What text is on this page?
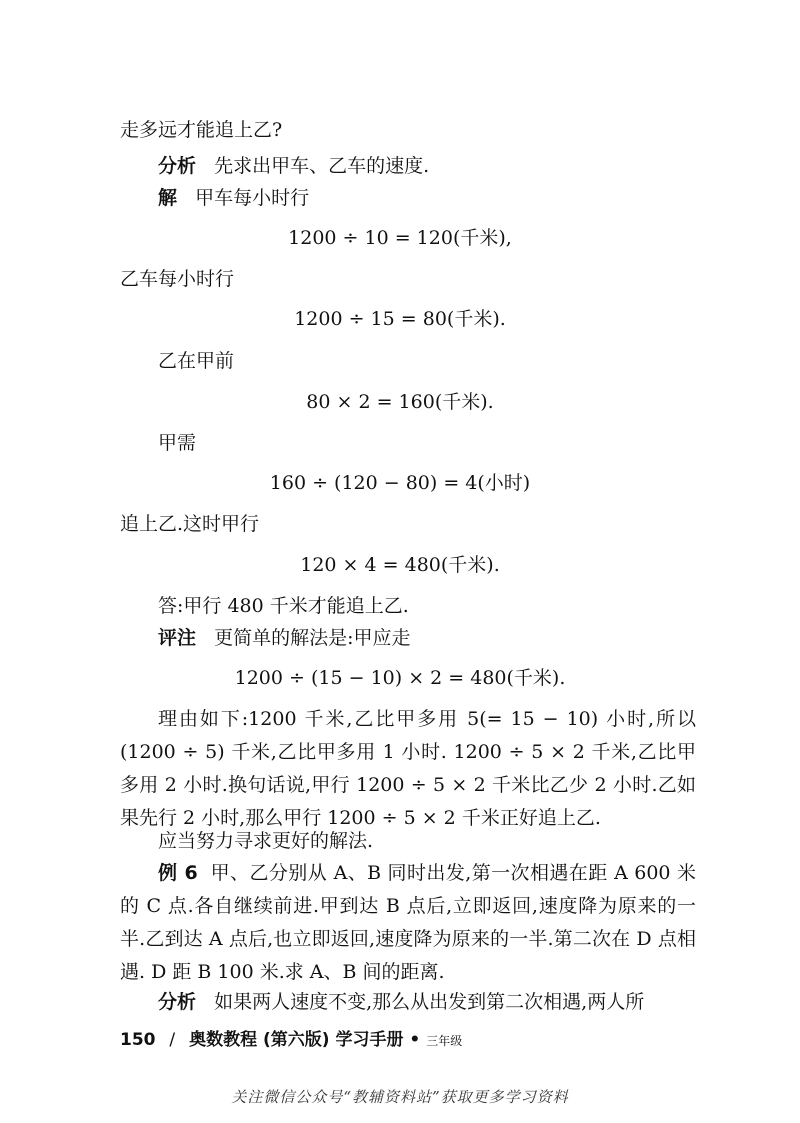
走多远才能追上乙?
分析 先求出甲车、乙车的速度.
解 甲车每小时行
1200 ÷ 10 = 120(千米),
乙车每小时行
1200 ÷ 15 = 80(千米).
乙在甲前
80 × 2 = 160(千米).
甲需
160 ÷ (120 − 80) = 4(小时)
追上乙.这时甲行
120 × 4 = 480(千米).
答:甲行 480 千米才能追上乙.
评注 更简单的解法是:甲应走
1200 ÷ (15 − 10) × 2 = 480(千米).
理由如下:1200 千米,乙比甲多用 5(= 15 − 10) 小时,所以 (1200 ÷ 5) 千米,乙比甲多用 1 小时. 1200 ÷ 5 × 2 千米,乙比甲多用 2 小时.换句话说,甲行 1200 ÷ 5 × 2 千米比乙少 2 小时.乙如果先行 2 小时,那么甲行 1200 ÷ 5 × 2 千米正好追上乙.
应当努力寻求更好的解法.
例 6 甲、乙分别从 A、B 同时出发,第一次相遇在距 A 600 米的 C 点.各自继续前进.甲到达 B 点后,立即返回,速度降为原来的一半.乙到达 A 点后,也立即返回,速度降为原来的一半.第二次在 D 点相遇. D 距 B 100 米.求 A、B 间的距离.
分析 如果两人速度不变,那么从出发到第二次相遇,两人所
150 / 奥数教程 (第六版) 学习手册 • 三年级
关注微信公众号“教辅资料站”获取更多学习资料
